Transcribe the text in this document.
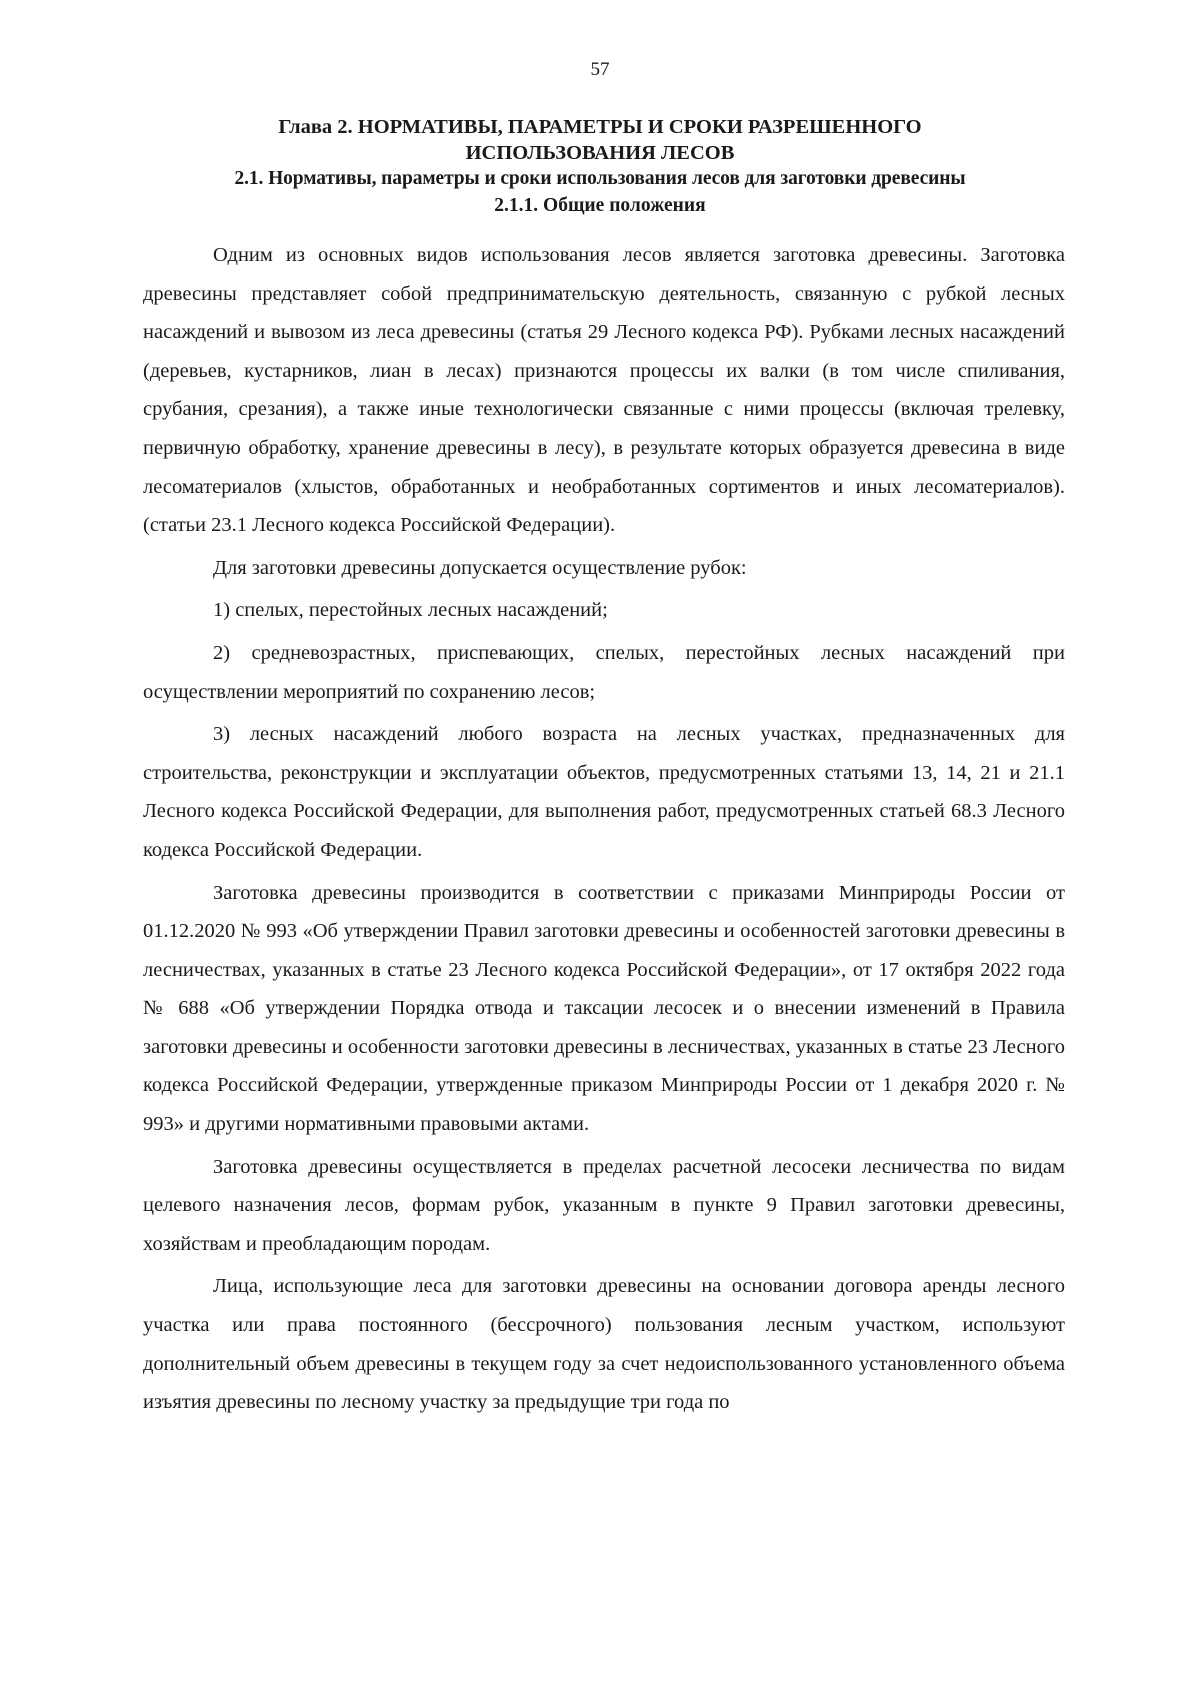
57
Глава 2. НОРМАТИВЫ, ПАРАМЕТРЫ И СРОКИ РАЗРЕШЕННОГО
ИСПОЛЬЗОВАНИЯ ЛЕСОВ
2.1. Нормативы, параметры и сроки использования лесов для заготовки древесины
2.1.1. Общие положения

Одним из основных видов использования лесов является заготовка древесины. Заготовка древесины представляет собой предпринимательскую деятельность, связанную с рубкой лесных насаждений и вывозом из леса древесины (статья 29 Лесного кодекса РФ). Рубками лесных насаждений (деревьев, кустарников, лиан в лесах) признаются процессы их валки (в том числе спиливания, срубания, срезания), а также иные технологически связанные с ними процессы (включая трелевку, первичную обработку, хранение древесины в лесу), в результате которых образуется древесина в виде лесоматериалов (хлыстов, обработанных и необработанных сортиментов и иных лесоматериалов). (статьи 23.1 Лесного кодекса Российской Федерации).

Для заготовки древесины допускается осуществление рубок:

1) спелых, перестойных лесных насаждений;

2) средневозрастных, приспевающих, спелых, перестойных лесных насаждений при осуществлении мероприятий по сохранению лесов;

3) лесных насаждений любого возраста на лесных участках, предназначенных для строительства, реконструкции и эксплуатации объектов, предусмотренных статьями 13, 14, 21 и 21.1 Лесного кодекса Российской Федерации, для выполнения работ, предусмотренных статьей 68.3 Лесного кодекса Российской Федерации.

Заготовка древесины производится в соответствии с приказами Минприроды России от 01.12.2020 № 993 «Об утверждении Правил заготовки древесины и особенностей заготовки древесины в лесничествах, указанных в статье 23 Лесного кодекса Российской Федерации», от 17 октября 2022 года № 688 «Об утверждении Порядка отвода и таксации лесосек и о внесении изменений в Правила заготовки древесины и особенности заготовки древесины в лесничествах, указанных в статье 23 Лесного кодекса Российской Федерации, утвержденные приказом Минприроды России от 1 декабря 2020 г. № 993» и другими нормативными правовыми актами.

Заготовка древесины осуществляется в пределах расчетной лесосеки лесничества по видам целевого назначения лесов, формам рубок, указанным в пункте 9 Правил заготовки древесины, хозяйствам и преобладающим породам.

Лица, использующие леса для заготовки древесины на основании договора аренды лесного участка или права постоянного (бессрочного) пользования лесным участком, используют дополнительный объем древесины в текущем году за счет недоиспользованного установленного объема изъятия древесины по лесному участку за предыдущие три года по
